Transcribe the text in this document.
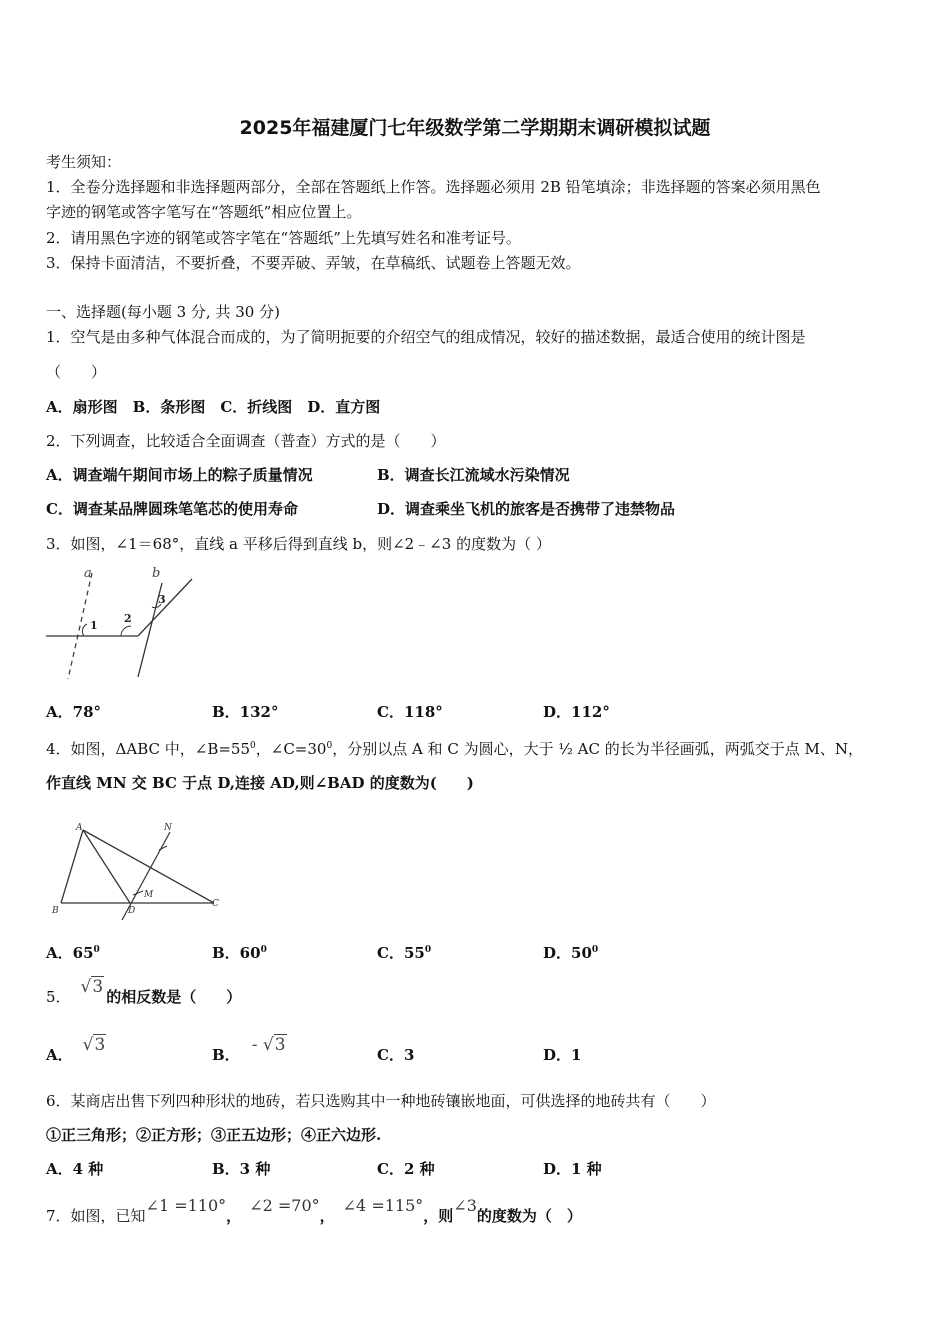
2025年福建厦门七年级数学第二学期期末调研模拟试题
考生须知：
1．全卷分选择题和非选择题两部分，全部在答题纸上作答。选择题必须用 2B 铅笔填涂；非选择题的答案必须用黑色
字迹的钢笔或答字笔写在“答题纸”相应位置上。
2．请用黑色字迹的钢笔或答字笔在“答题纸”上先填写姓名和准考证号。
3．保持卡面清洁，不要折叠，不要弄破、弄皱，在草稿纸、试题卷上答题无效。
一、选择题(每小题 3 分, 共 30 分)
1．空气是由多种气体混合而成的，为了简明扼要的介绍空气的组成情况，较好的描述数据，最适合使用的统计图是
（　　）
A．扇形图　B．条形图　C．折线图　D．直方图
2．下列调查，比较适合全面调查（普查）方式的是（　　）
A．调查端午期间市场上的粽子质量情况	B．调查长江流域水污染情况
C．调查某品牌圆珠笔笔芯的使用寿命	D．调查乘坐飞机的旅客是否携带了违禁物品
3．如图，∠1＝68°，直线 a 平移后得到直线 b，则∠2﹣∠3 的度数为（ ）
a	b
1
2
3
A．78°	B．132°	C．118°	D．112°
4．如图，ΔABC 中，$\angle B=55^0$，$\angle C=30^0$，分别以点 A 和 C 为圆心，大于 ½ AC 的长为半径画弧，两弧交于点 M、N，
作直线 MN 交 BC 于点 D,连接 AD,则∠BAD 的度数为(　　)
A
B
C
D
M
N
A．$65^0$	B．$60^0$	C．$55^0$	D．$50^0$
5． √3 的相反数是（　　）
A． √3	B． - √3	C．3	D．1
6．某商店出售下列四种形状的地砖，若只选购其中一种地砖镶嵌地面，可供选择的地砖共有（　　）
①正三角形；②正方形；③正五边形；④正六边形.
A．4 种	B．3 种	C．2 种	D．1 种
7．如图，已知∠1 =110°，∠2 =70°，∠4 =115°，则∠3的度数为（　）
